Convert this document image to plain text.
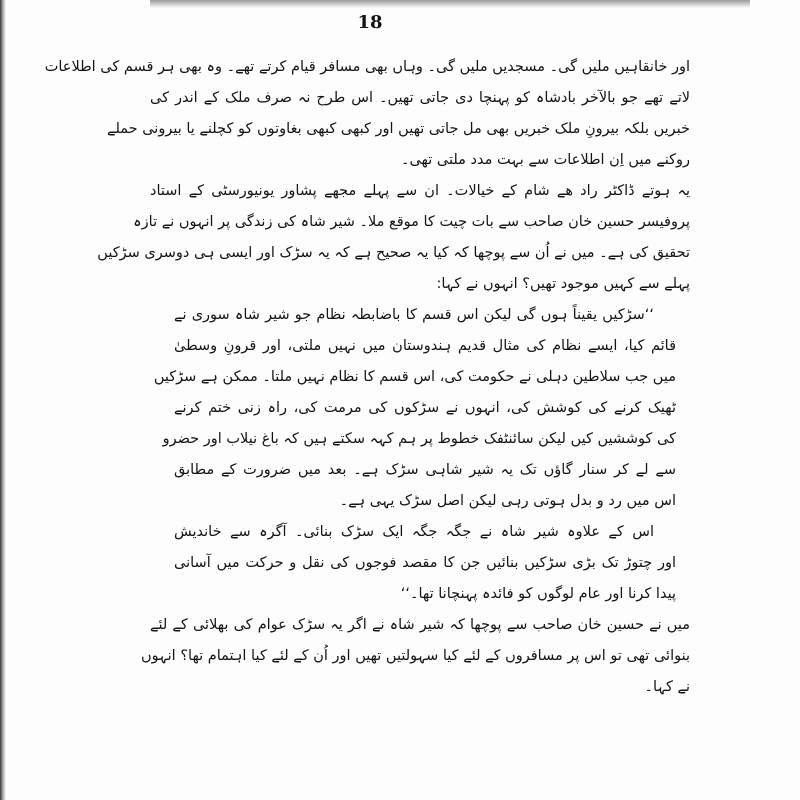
18
اور خانقاہیں ملیں گی۔ مسجدیں ملیں گی۔ وہاں بھی مسافر قیام کرتے تھے۔ وہ بھی ہر قسم کی اطلاعات
لاتے تھے جو بالآخر بادشاہ کو پہنچا دی جاتی تھیں۔ اس طرح نہ صرف ملک کے اندر کی
خبریں بلکہ بیرونِ ملک خبریں بھی مل جاتی تھیں اور کبھی کبھی بغاوتوں کو کچلنے یا بیرونی حملے
روکنے میں اِن اطلاعات سے بہت مدد ملتی تھی۔
یہ ہوتے ڈاکٹر راد ھے شام کے خیالات۔ ان سے پہلے مجھے پشاور یونیورسٹی کے استاد
پروفیسر حسین خان صاحب سے بات چیت کا موقع ملا۔ شیر شاہ کی زندگی پر انہوں نے تازہ
تحقیق کی ہے۔ میں نے اُن سے پوچھا کہ کیا یہ صحیح ہے کہ یہ سڑک اور ایسی ہی دوسری سڑکیں
پہلے سے کہیں موجود تھیں؟ انہوں نے کہا:
‘‘سڑکیں یقیناً ہوں گی لیکن اس قسم کا باضابطہ نظام جو شیر شاہ سوری نے
قائم کیا، ایسے نظام کی مثال قدیم ہندوستان میں نہیں ملتی، اور قرونِ وسطیٰ
میں جب سلاطین دہلی نے حکومت کی، اس قسم کا نظام نہیں ملتا۔ ممکن ہے سڑکیں
ٹھیک کرنے کی کوشش کی، انہوں نے سڑکوں کی مرمت کی، راہ زنی ختم کرنے
کی کوششیں کیں لیکن سائنٹفک خطوط پر ہم کہہ سکتے ہیں کہ باغ نیلاب اور حضرو
سے لے کر سنار گاؤں تک یہ شیر شاہی سڑک ہے۔ بعد میں ضرورت کے مطابق
اس میں رد و بدل ہوتی رہی لیکن اصل سڑک یہی ہے۔
اس کے علاوہ شیر شاہ نے جگہ جگہ ایک سڑک بنائی۔ آگرہ سے خاندیش
اور چتوڑ تک بڑی سڑکیں بنائیں جن کا مقصد فوجوں کی نقل و حرکت میں آسانی
پیدا کرنا اور عام لوگوں کو فائدہ پہنچانا تھا۔‘‘
میں نے حسین خان صاحب سے پوچھا کہ شیر شاہ نے اگر یہ سڑک عوام کی بھلائی کے لئے
بنوائی تھی تو اس پر مسافروں کے لئے کیا سہولتیں تھیں اور اُن کے لئے کیا اہتمام تھا؟ انہوں
نے کہا۔
